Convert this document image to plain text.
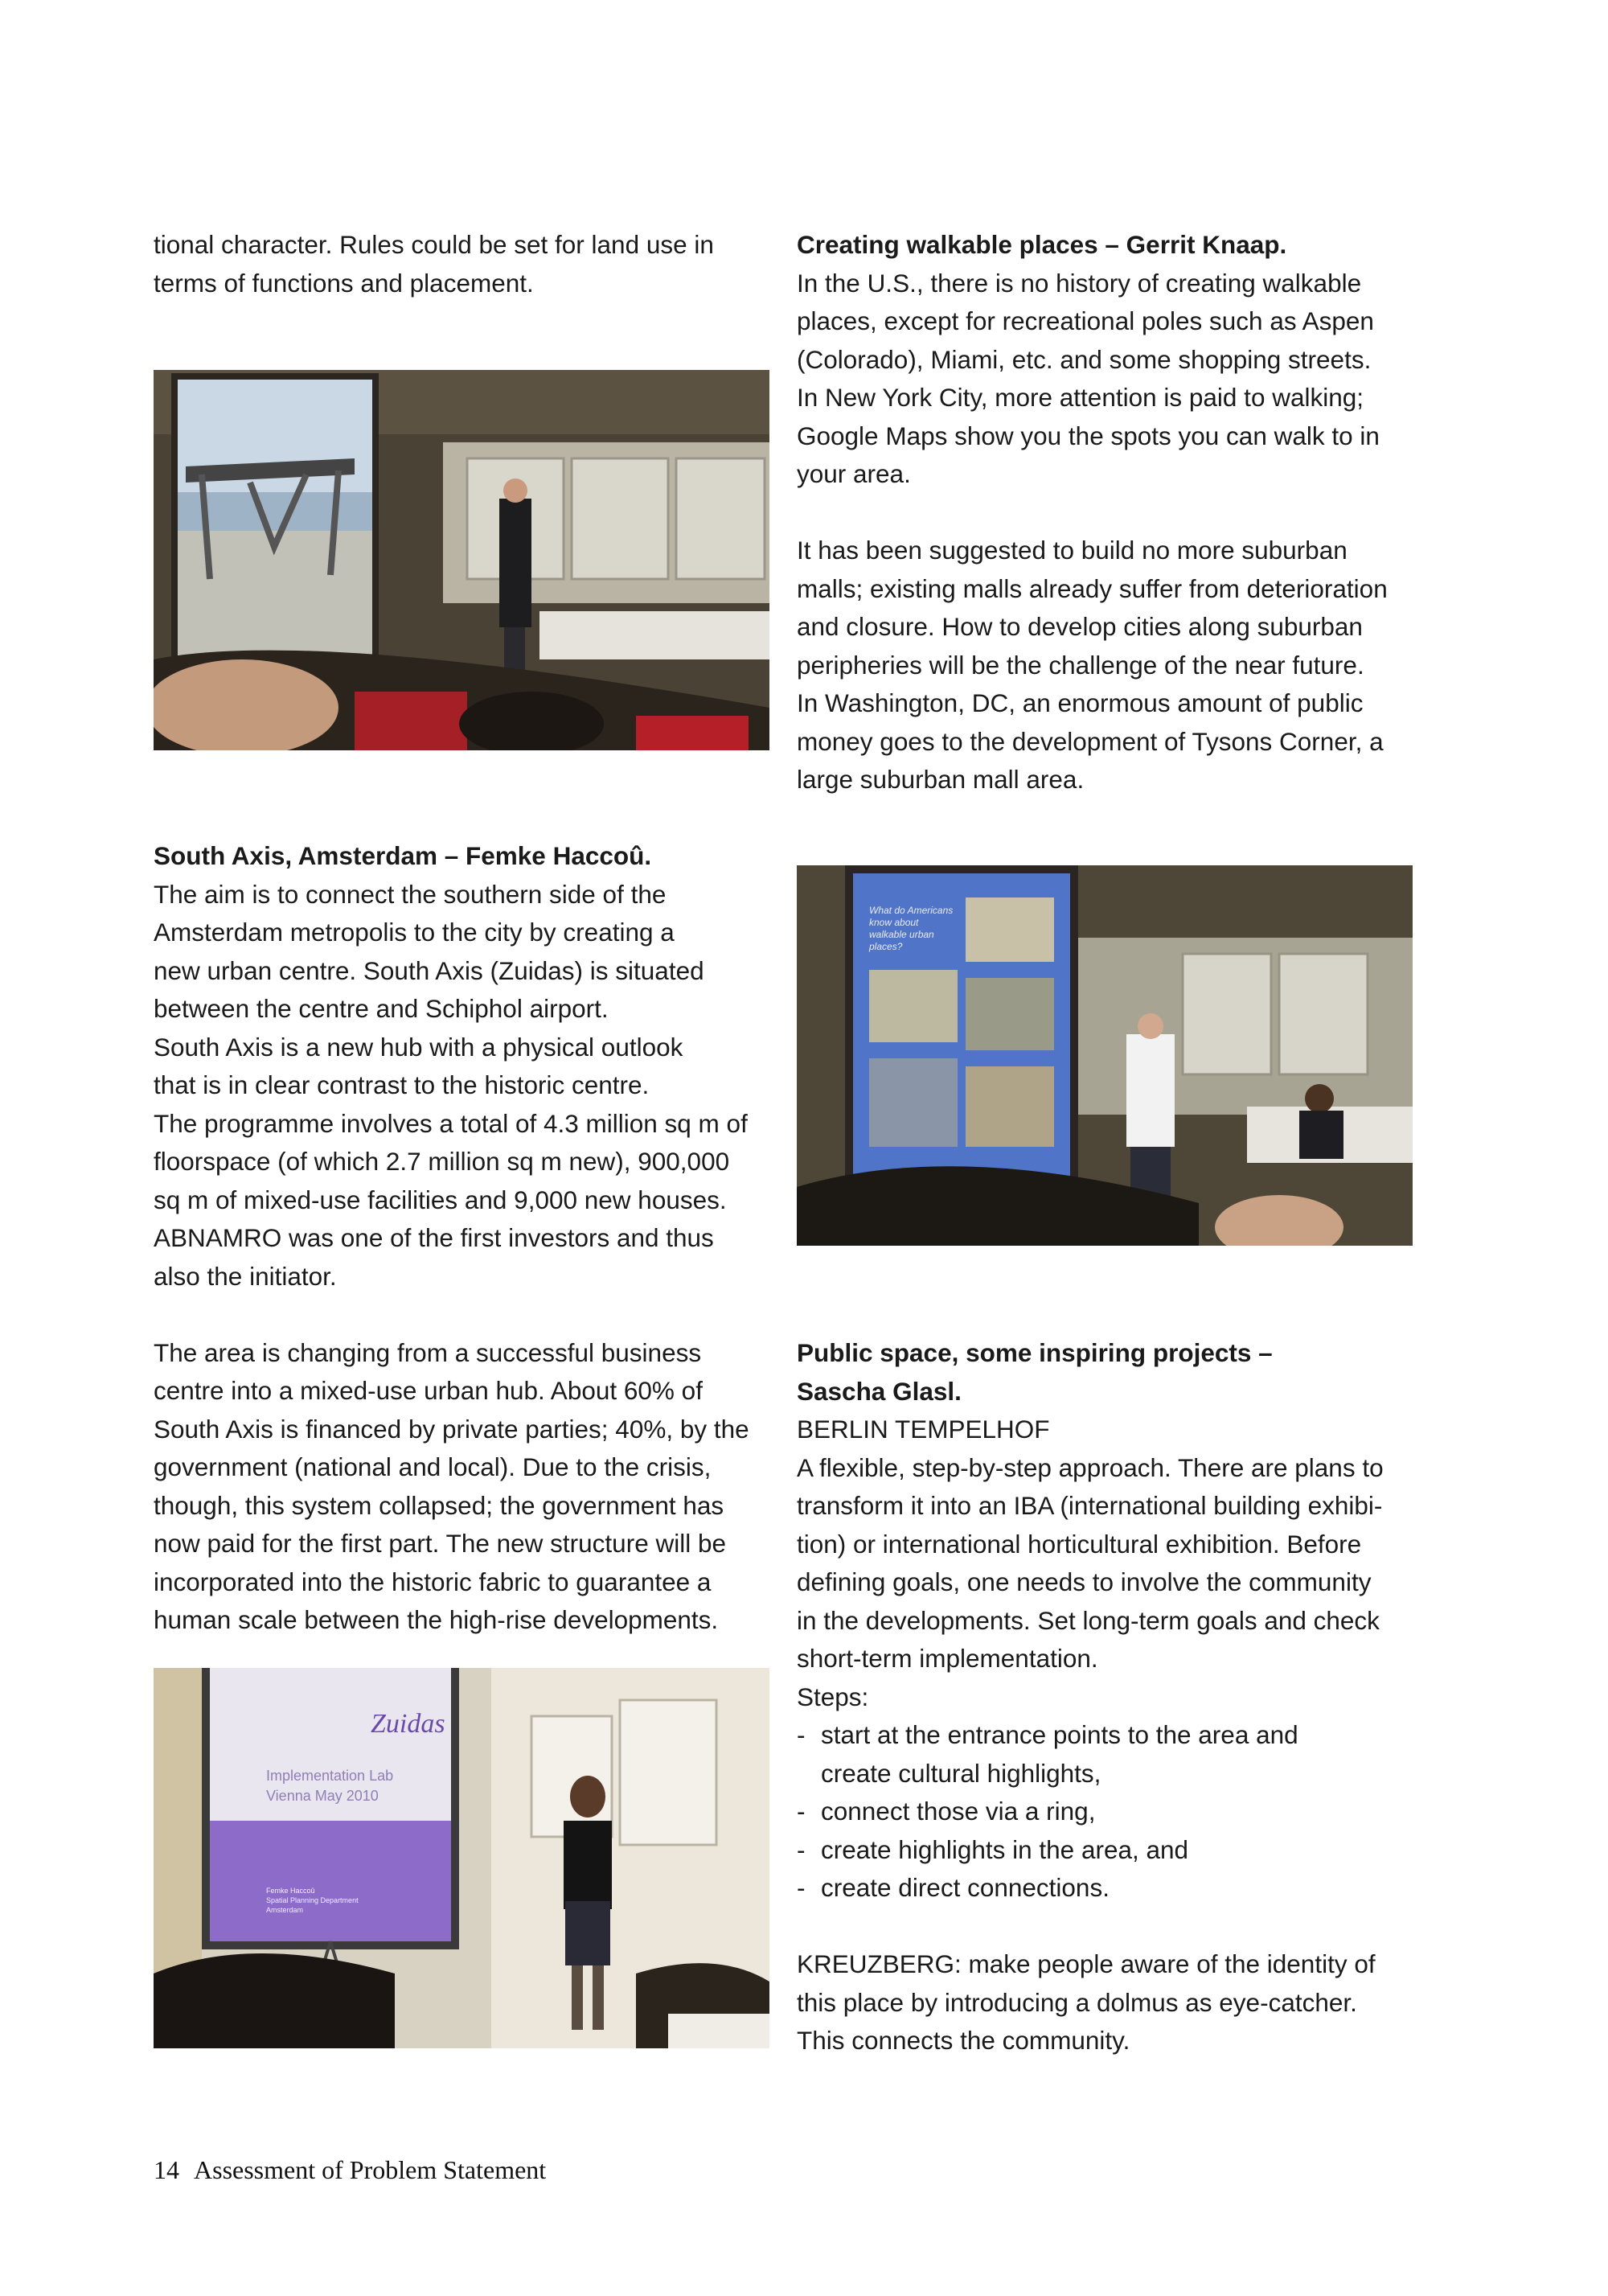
tional character. Rules could be set for land use in

terms of functions and placement.

South Axis, Amsterdam – Femke Haccoû.

The aim is to connect the southern side of the

Amsterdam metropolis to the city by creating a

new urban centre. South Axis (Zuidas) is situated

between the centre and Schiphol airport.

South Axis is a new hub with a physical outlook

that is in clear contrast to the historic centre.

The programme involves a total of 4.3 million sq m of

floorspace (of which 2.7 million sq m new), 900,000

sq m of mixed-use facilities and 9,000 new houses.

ABNAMRO was one of the first investors and thus

also the initiator.

The area is changing from a successful business

centre into a mixed-use urban hub. About 60% of

South Axis is financed by private parties; 40%, by the

government (national and local). Due to the crisis,

though, this system collapsed; the government has

now paid for the first part. The new structure will be

incorporated into the historic fabric to guarantee a

human scale between the high-rise developments.

Zuidas
Implementation Lab
Vienna May 2010
Femke Haccoû
Spatial Planning Department
Amsterdam

Creating walkable places – Gerrit Knaap.

In the U.S., there is no history of creating walkable

places, except for recreational poles such as Aspen

(Colorado), Miami, etc. and some shopping streets.

In New York City, more attention is paid to walking;

Google Maps show you the spots you can walk to in

your area.

It has been suggested to build no more suburban

malls; existing malls already suffer from deterioration

and closure. How to develop cities along suburban

peripheries will be the challenge of the near future.

In Washington, DC, an enormous amount of public

money goes to the development of Tysons Corner, a

large suburban mall area.

What do Americans
know about
walkable urban
places?

Public space, some inspiring projects –

Sascha Glasl.

BERLIN TEMPELHOF

A flexible, step-by-step approach. There are plans to

transform it into an IBA (international building exhibi-

tion) or international horticultural exhibition. Before

defining goals, one needs to involve the community

in the developments. Set long-term goals and check

short-term implementation.

Steps:

- start at the entrance points to the area and

create cultural highlights,

- connect those via a ring,
- create highlights in the area, and
- create direct connections.

KREUZBERG: make people aware of the identity of

this place by introducing a dolmus as eye-catcher.

This connects the community.

14 Assessment of Problem Statement
